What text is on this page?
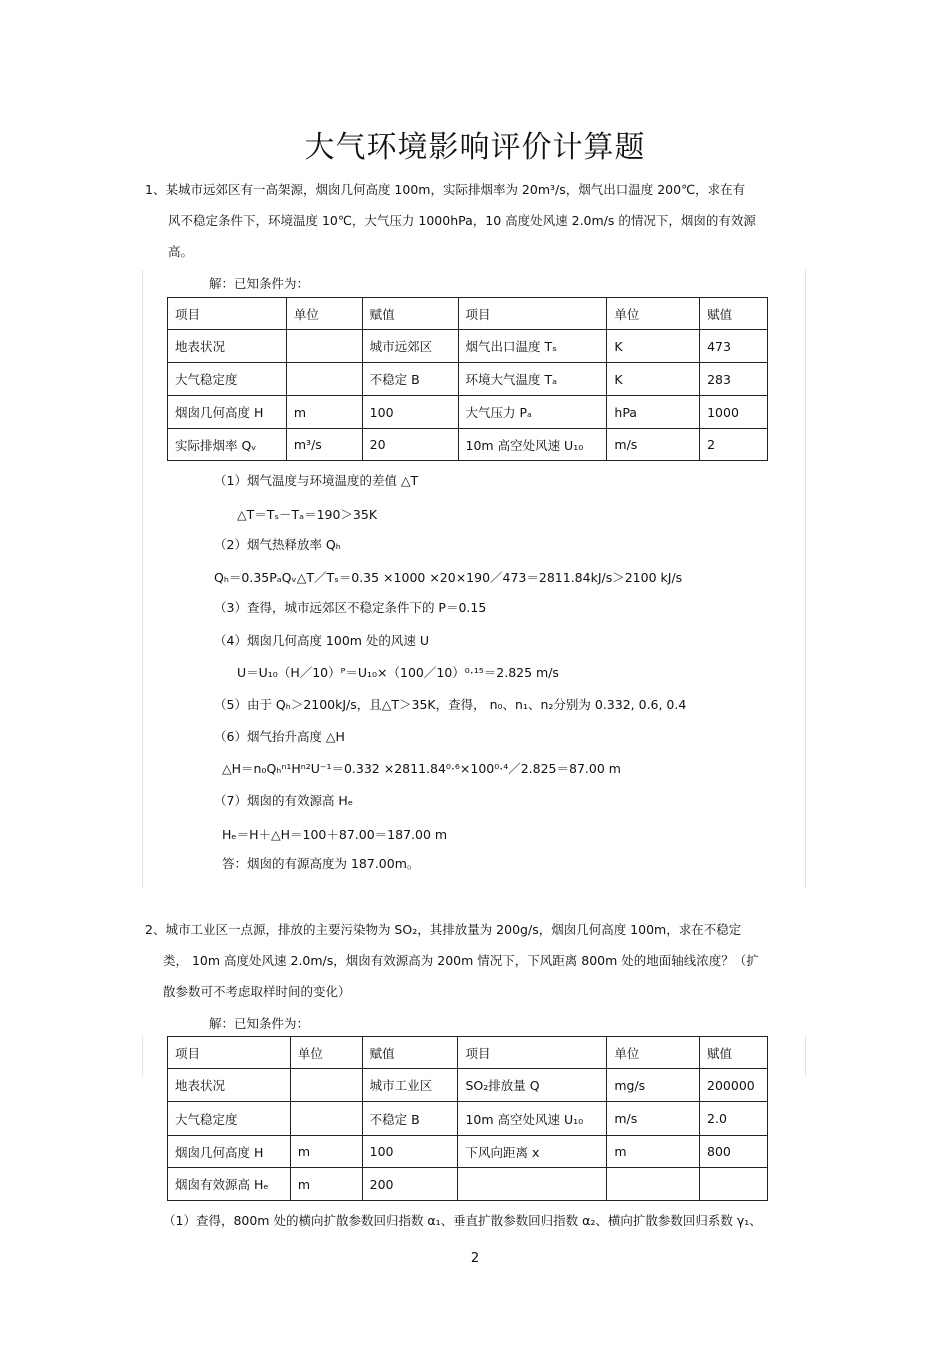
大气环境影响评价计算题
1、某城市远郊区有一高架源，烟囱几何高度 100m，实际排烟率为 20m³/s，烟气出口温度 200℃，求在有
风不稳定条件下，环境温度 10℃，大气压力 1000hPa，10 高度处风速 2.0m/s 的情况下，烟囱的有效源
高。
解：已知条件为：
项目	单位	赋值	项目	单位	赋值
地表状况		城市远郊区	烟气出口温度 Tₛ	K	473
大气稳定度		不稳定 B	环境大气温度 Tₐ	K	283
烟囱几何高度 H	m	100	大气压力 Pₐ	hPa	1000
实际排烟率 Qᵥ	m³/s	20	10m 高空处风速 U₁₀	m/s	2
（1）烟气温度与环境温度的差值 △T
△T＝Tₛ－Tₐ＝190＞35K
（2）烟气热释放率 Qₕ
Qₕ＝0.35PₐQᵥ△T／Tₛ＝0.35 ×1000 ×20×190／473＝2811.84kJ/s＞2100 kJ/s
（3）查得，城市远郊区不稳定条件下的 P＝0.15
（4）烟囱几何高度 100m 处的风速 U
U＝U₁₀（H／10）ᴾ＝U₁₀×（100／10）⁰·¹⁵＝2.825 m/s
（5）由于 Qₕ＞2100kJ/s，且△T＞35K，查得， n₀、n₁、n₂分别为 0.332, 0.6, 0.4
（6）烟气抬升高度 △H
△H＝n₀Qₕⁿ¹Hⁿ²U⁻¹＝0.332 ×2811.84⁰·⁶×100⁰·⁴／2.825＝87.00 m
（7）烟囱的有效源高 Hₑ
Hₑ＝H＋△H＝100＋87.00＝187.00 m
答：烟囱的有源高度为 187.00m。
2、城市工业区一点源，排放的主要污染物为 SO₂，其排放量为 200g/s，烟囱几何高度 100m，求在不稳定
类， 10m 高度处风速 2.0m/s，烟囱有效源高为 200m 情况下，下风距离 800m 处的地面轴线浓度？（扩
散参数可不考虑取样时间的变化）
解：已知条件为：
项目	单位	赋值	项目	单位	赋值
地表状况		城市工业区	SO₂排放量 Q	mg/s	200000
大气稳定度		不稳定 B	10m 高空处风速 U₁₀	m/s	2.0
烟囱几何高度 H	m	100	下风向距离 x	m	800
烟囱有效源高 Hₑ	m	200			
（1）查得，800m 处的横向扩散参数回归指数 α₁、垂直扩散参数回归指数 α₂、横向扩散参数回归系数 γ₁、
2
